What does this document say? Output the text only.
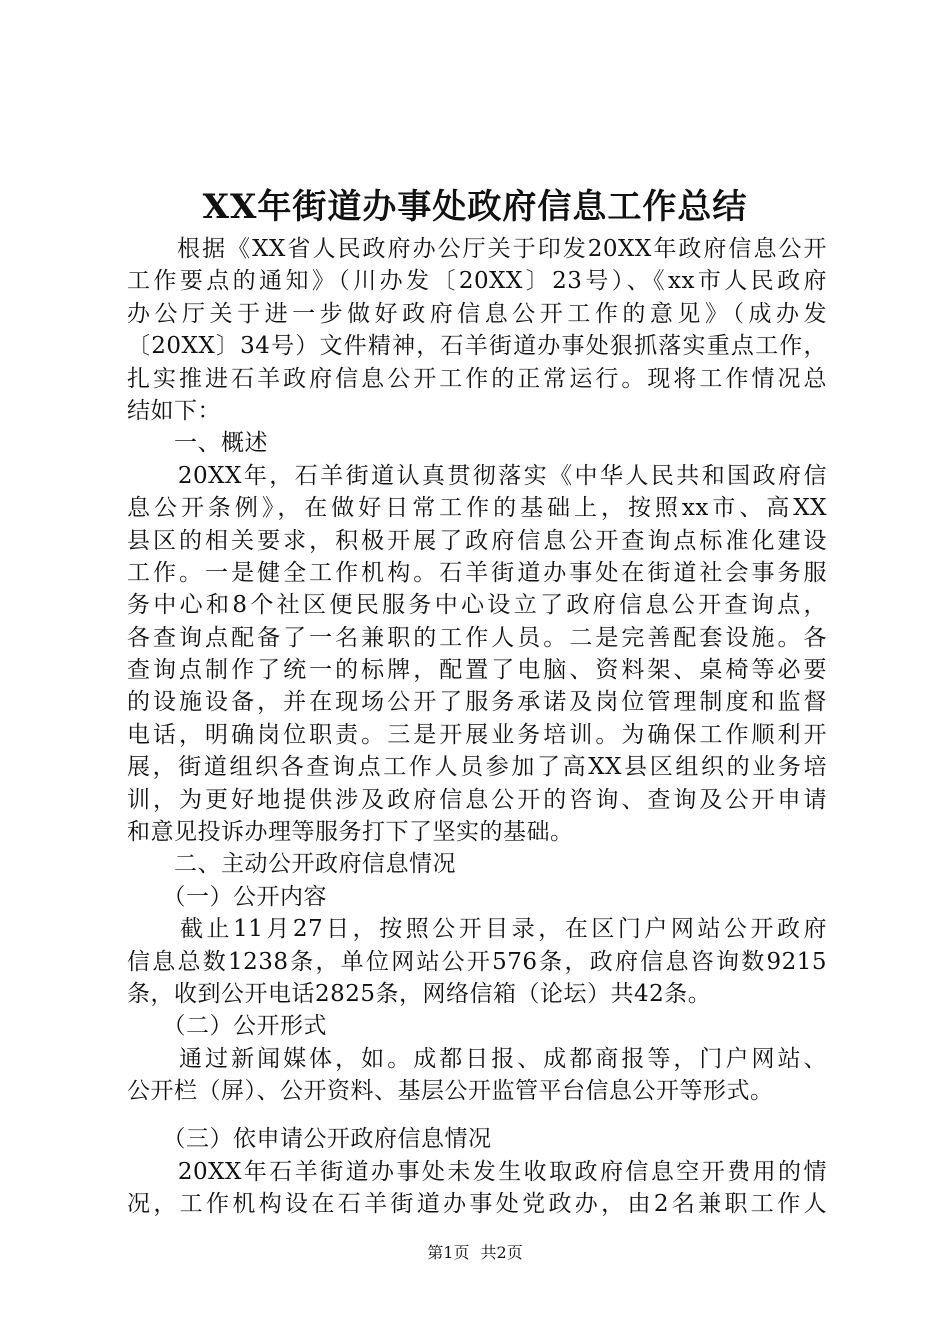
XX年街道办事处政府信息工作总结
　　根据《XX省人民政府办公厅关于印发20XX年政府信息公开
工作要点的通知》（川办发〔20XX〕23号）、《xx市人民政府
办公厅关于进一步做好政府信息公开工作的意见》（成办发
〔20XX〕34号）文件精神，石羊街道办事处狠抓落实重点工作，
扎实推进石羊政府信息公开工作的正常运行。现将工作情况总
结如下：
　　一、概述
　　20XX年，石羊街道认真贯彻落实《中华人民共和国政府信
息公开条例》，在做好日常工作的基础上，按照xx市、高XX
县区的相关要求，积极开展了政府信息公开查询点标准化建设
工作。一是健全工作机构。石羊街道办事处在街道社会事务服
务中心和8个社区便民服务中心设立了政府信息公开查询点，
各查询点配备了一名兼职的工作人员。二是完善配套设施。各
查询点制作了统一的标牌，配置了电脑、资料架、桌椅等必要
的设施设备，并在现场公开了服务承诺及岗位管理制度和监督
电话，明确岗位职责。三是开展业务培训。为确保工作顺利开
展，街道组织各查询点工作人员参加了高XX县区组织的业务培
训，为更好地提供涉及政府信息公开的咨询、查询及公开申请
和意见投诉办理等服务打下了坚实的基础。
　　二、主动公开政府信息情况
　　（一）公开内容
　　截止11月27日，按照公开目录，在区门户网站公开政府
信息总数1238条，单位网站公开576条，政府信息咨询数9215
条，收到公开电话2825条，网络信箱（论坛）共42条。
　　（二）公开形式
　　通过新闻媒体，如。成都日报、成都商报等，门户网站、
公开栏（屏）、公开资料、基层公开监管平台信息公开等形式。
　　（三）依申请公开政府信息情况
　　20XX年石羊街道办事处未发生收取政府信息空开费用的情
况，工作机构设在石羊街道办事处党政办，由2名兼职工作人
第1页 共2页
